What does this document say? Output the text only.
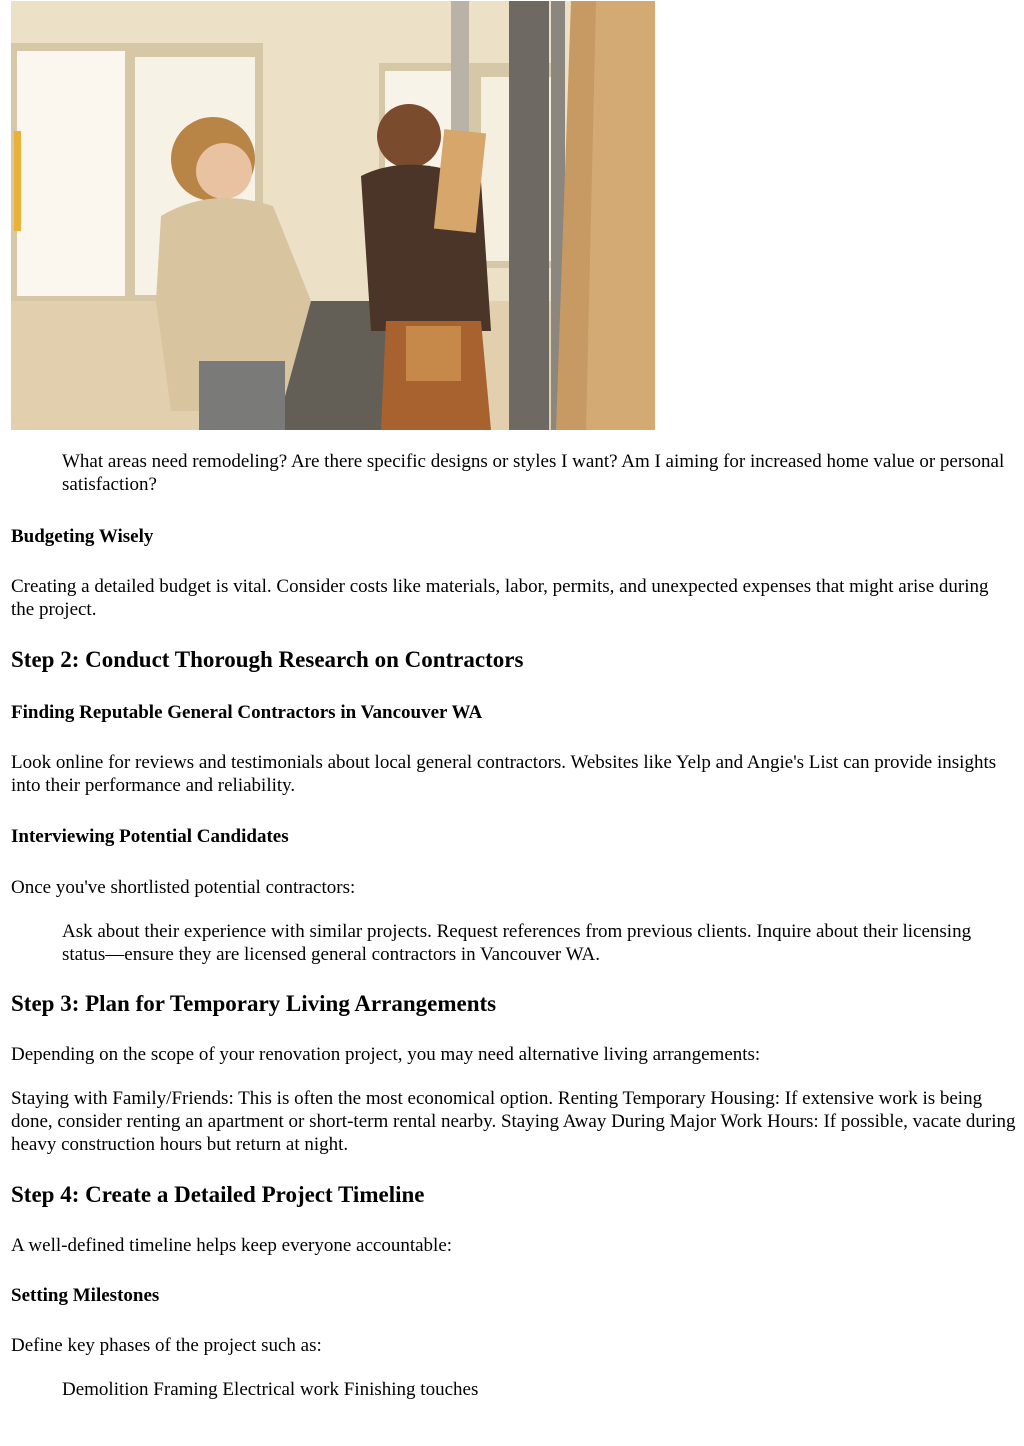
What areas need remodeling? Are there specific designs or styles I want? Am I aiming for increased home value or personal satisfaction?
Budgeting Wisely

Creating a detailed budget is vital. Consider costs like materials, labor, permits, and unexpected expenses that might arise during the project.

Step 2: Conduct Thorough Research on Contractors
Finding Reputable General Contractors in Vancouver WA

Look online for reviews and testimonials about local general contractors. Websites like Yelp and Angie's List can provide insights into their performance and reliability.

Interviewing Potential Candidates

Once you've shortlisted potential contractors:

Ask about their experience with similar projects. Request references from previous clients. Inquire about their licensing status—ensure they are licensed general contractors in Vancouver WA.
Step 3: Plan for Temporary Living Arrangements

Depending on the scope of your renovation project, you may need alternative living arrangements:

Staying with Family/Friends: This is often the most economical option. Renting Temporary Housing: If extensive work is being done, consider renting an apartment or short-term rental nearby. Staying Away During Major Work Hours: If possible, vacate during heavy construction hours but return at night.

Step 4: Create a Detailed Project Timeline

A well-defined timeline helps keep everyone accountable:

Setting Milestones

Define key phases of the project such as:

Demolition Framing Electrical work Finishing touches
